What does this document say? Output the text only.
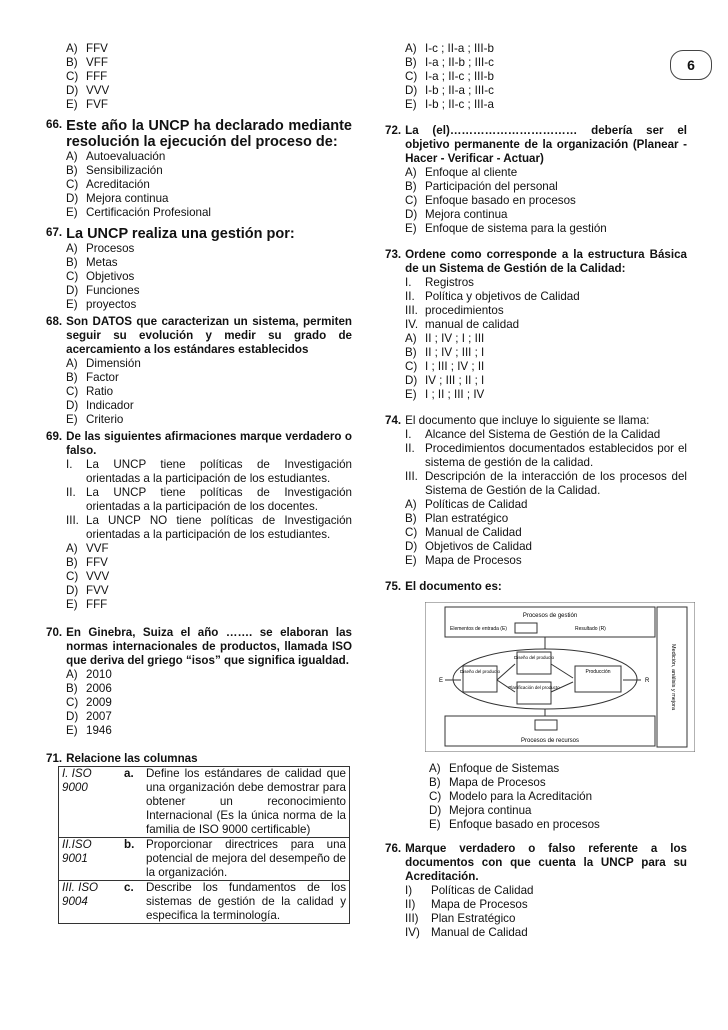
6
A) FFV
B) VFF
C) FFF
D) VVV
E) FVF
66. Este año la UNCP ha declarado mediante resolución la ejecución del proceso de:
A) Autoevaluación
B) Sensibilización
C) Acreditación
D) Mejora continua
E) Certificación Profesional
67. La UNCP realiza una gestión por:
A) Procesos
B) Metas
C) Objetivos
D) Funciones
E) proyectos
68. Son DATOS que caracterizan un sistema, permiten seguir su evolución y medir su grado de acercamiento a los estándares establecidos
A) Dimensión
B) Factor
C) Ratio
D) Indicador
E) Criterio
69. De las siguientes afirmaciones marque verdadero o falso.
I.	La UNCP tiene políticas de Investigación orientadas a la participación de los estudiantes.
II. La UNCP tiene políticas de Investigación orientadas a la participación de los docentes.
III. La UNCP NO tiene políticas de Investigación orientadas a la participación de los estudiantes.
A) VVF
B) FFV
C) VVV
D) FVV
E) FFF
70. En Ginebra, Suiza el año ……. se elaboran las normas internacionales de productos, llamada ISO que deriva del griego “isos” que significa igualdad.
A) 2010
B) 2006
C) 2009
D) 2007
E) 1946
71. Relacione las columnas
I. ISO 9000	a.	Define los estándares de calidad que una organización debe demostrar para obtener un reconocimiento Internacional (Es la única norma de la familia de ISO 9000 certificable)
II.ISO 9001	b.	Proporcionar directrices para una potencial de mejora del desempeño de la organización.
III. ISO 9004	c.	Describe los fundamentos de los sistemas de gestión de la calidad y especifica la terminología.
A) I-c ; II-a ; III-b
B) I-a ; II-b ; III-c
C) I-a ; II-c ; III-b
D) I-b ; II-a ; III-c
E) I-b ; II-c ; III-a
72. La (el)…………………………… debería ser el objetivo permanente de la organización (Planear - Hacer - Verificar - Actuar)
A) Enfoque al cliente
B) Participación del personal
C) Enfoque basado en procesos
D) Mejora continua
E) Enfoque de sistema para la gestión
73. Ordene como corresponde a la estructura Básica de un Sistema de Gestión de la Calidad:
I.	Registros
II. Política y objetivos de Calidad
III. procedimientos
IV. manual de calidad
A) II ; IV ; I ; III
B) II ; IV ; III ; I
C) I ; III ; IV ; II
D) IV ; III ; II ; I
E) I ; II ; III ; IV
74. El documento que incluye lo siguiente se llama:
I.	Alcance del Sistema de Gestión de la Calidad
II. Procedimientos documentados establecidos por el sistema de gestión de la calidad.
III. Descripción de la interacción de los procesos del Sistema de Gestión de la Calidad.
A) Políticas de Calidad
B) Plan estratégico
C) Manual de Calidad
D) Objetivos de Calidad
E) Mapa de Procesos
75. El documento es:
Procesos de gestión
Elementos de entrada (E)	Resultado (R)
Medición, análisis y mejora
Diseño del producto
Diseño del producto
Planificación del producto
Producción
E	R
Procesos de recursos
A) Enfoque de Sistemas
B) Mapa de Procesos
C) Modelo para la Acreditación
D) Mejora continua
E) Enfoque basado en procesos
76. Marque verdadero o falso referente a los documentos con que cuenta la UNCP para su Acreditación.
I)	Políticas de Calidad
II)	Mapa de Procesos
III)	Plan Estratégico
IV) Manual de Calidad
